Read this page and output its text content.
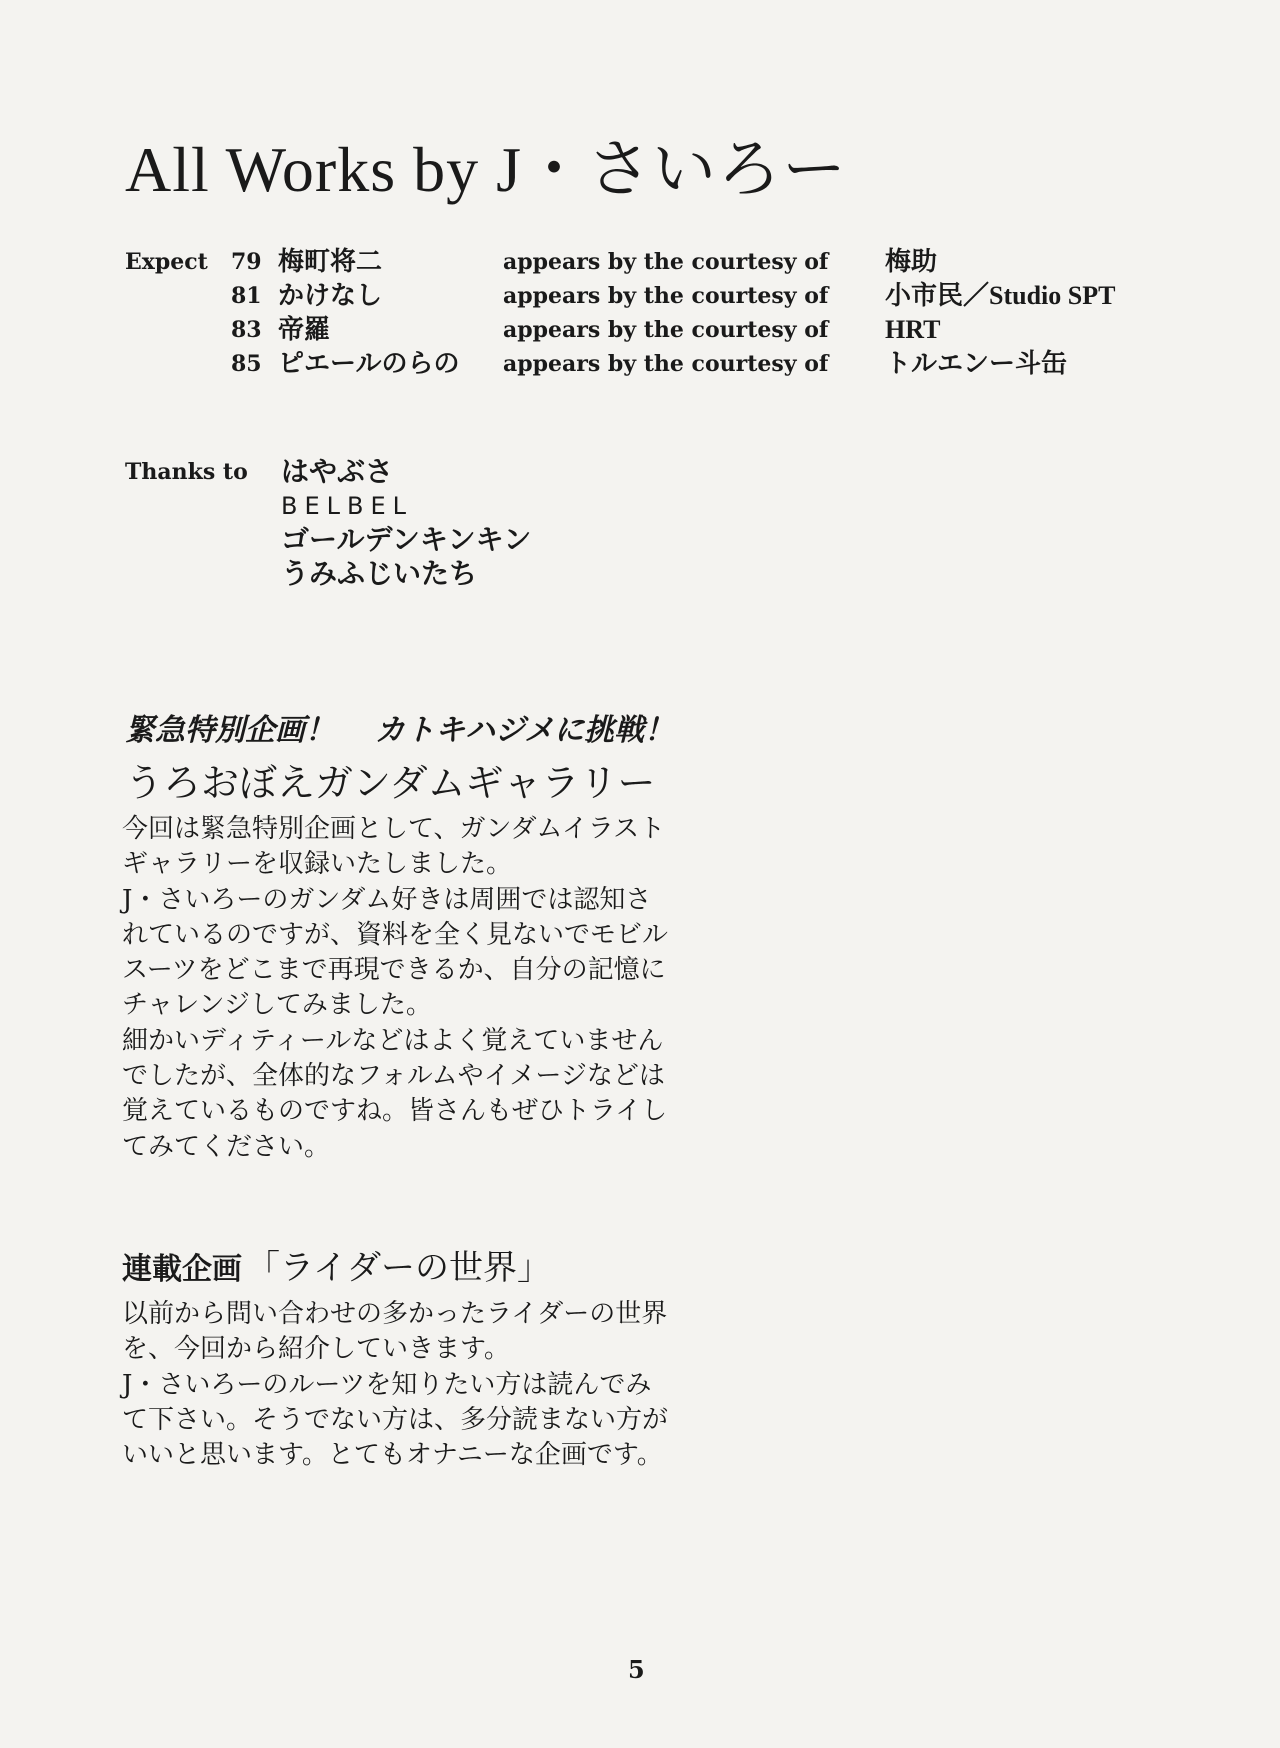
All Works by J・さいろー
Expect	79 梅町将二	appears by the courtesy of 梅助
81 かけなし	appears by the courtesy of 小市民／Studio SPT
83 帝羅	appears by the courtesy of HRT
85 ピエールのらの appears by the courtesy of トルエンー斗缶
Thanks to はやぶさ
BELBEL
ゴールデンキンキン
うみふじいたち
緊急特別企画！ カトキハジメに挑戦！
うろおぼえガンダムギャラリー
今回は緊急特別企画として、ガンダムイラスト
ギャラリーを収録いたしました。
J・さいろーのガンダム好きは周囲では認知さ
れているのですが、資料を全く見ないでモビル
スーツをどこまで再現できるか、自分の記憶に
チャレンジしてみました。
細かいディティールなどはよく覚えていません
でしたが、全体的なフォルムやイメージなどは
覚えているものですね。皆さんもぜひトライし
てみてください。
連載企画 「ライダーの世界」
以前から問い合わせの多かったライダーの世界
を、今回から紹介していきます。
J・さいろーのルーツを知りたい方は読んでみ
て下さい。そうでない方は、多分読まない方が
いいと思います。とてもオナニーな企画です。
5
